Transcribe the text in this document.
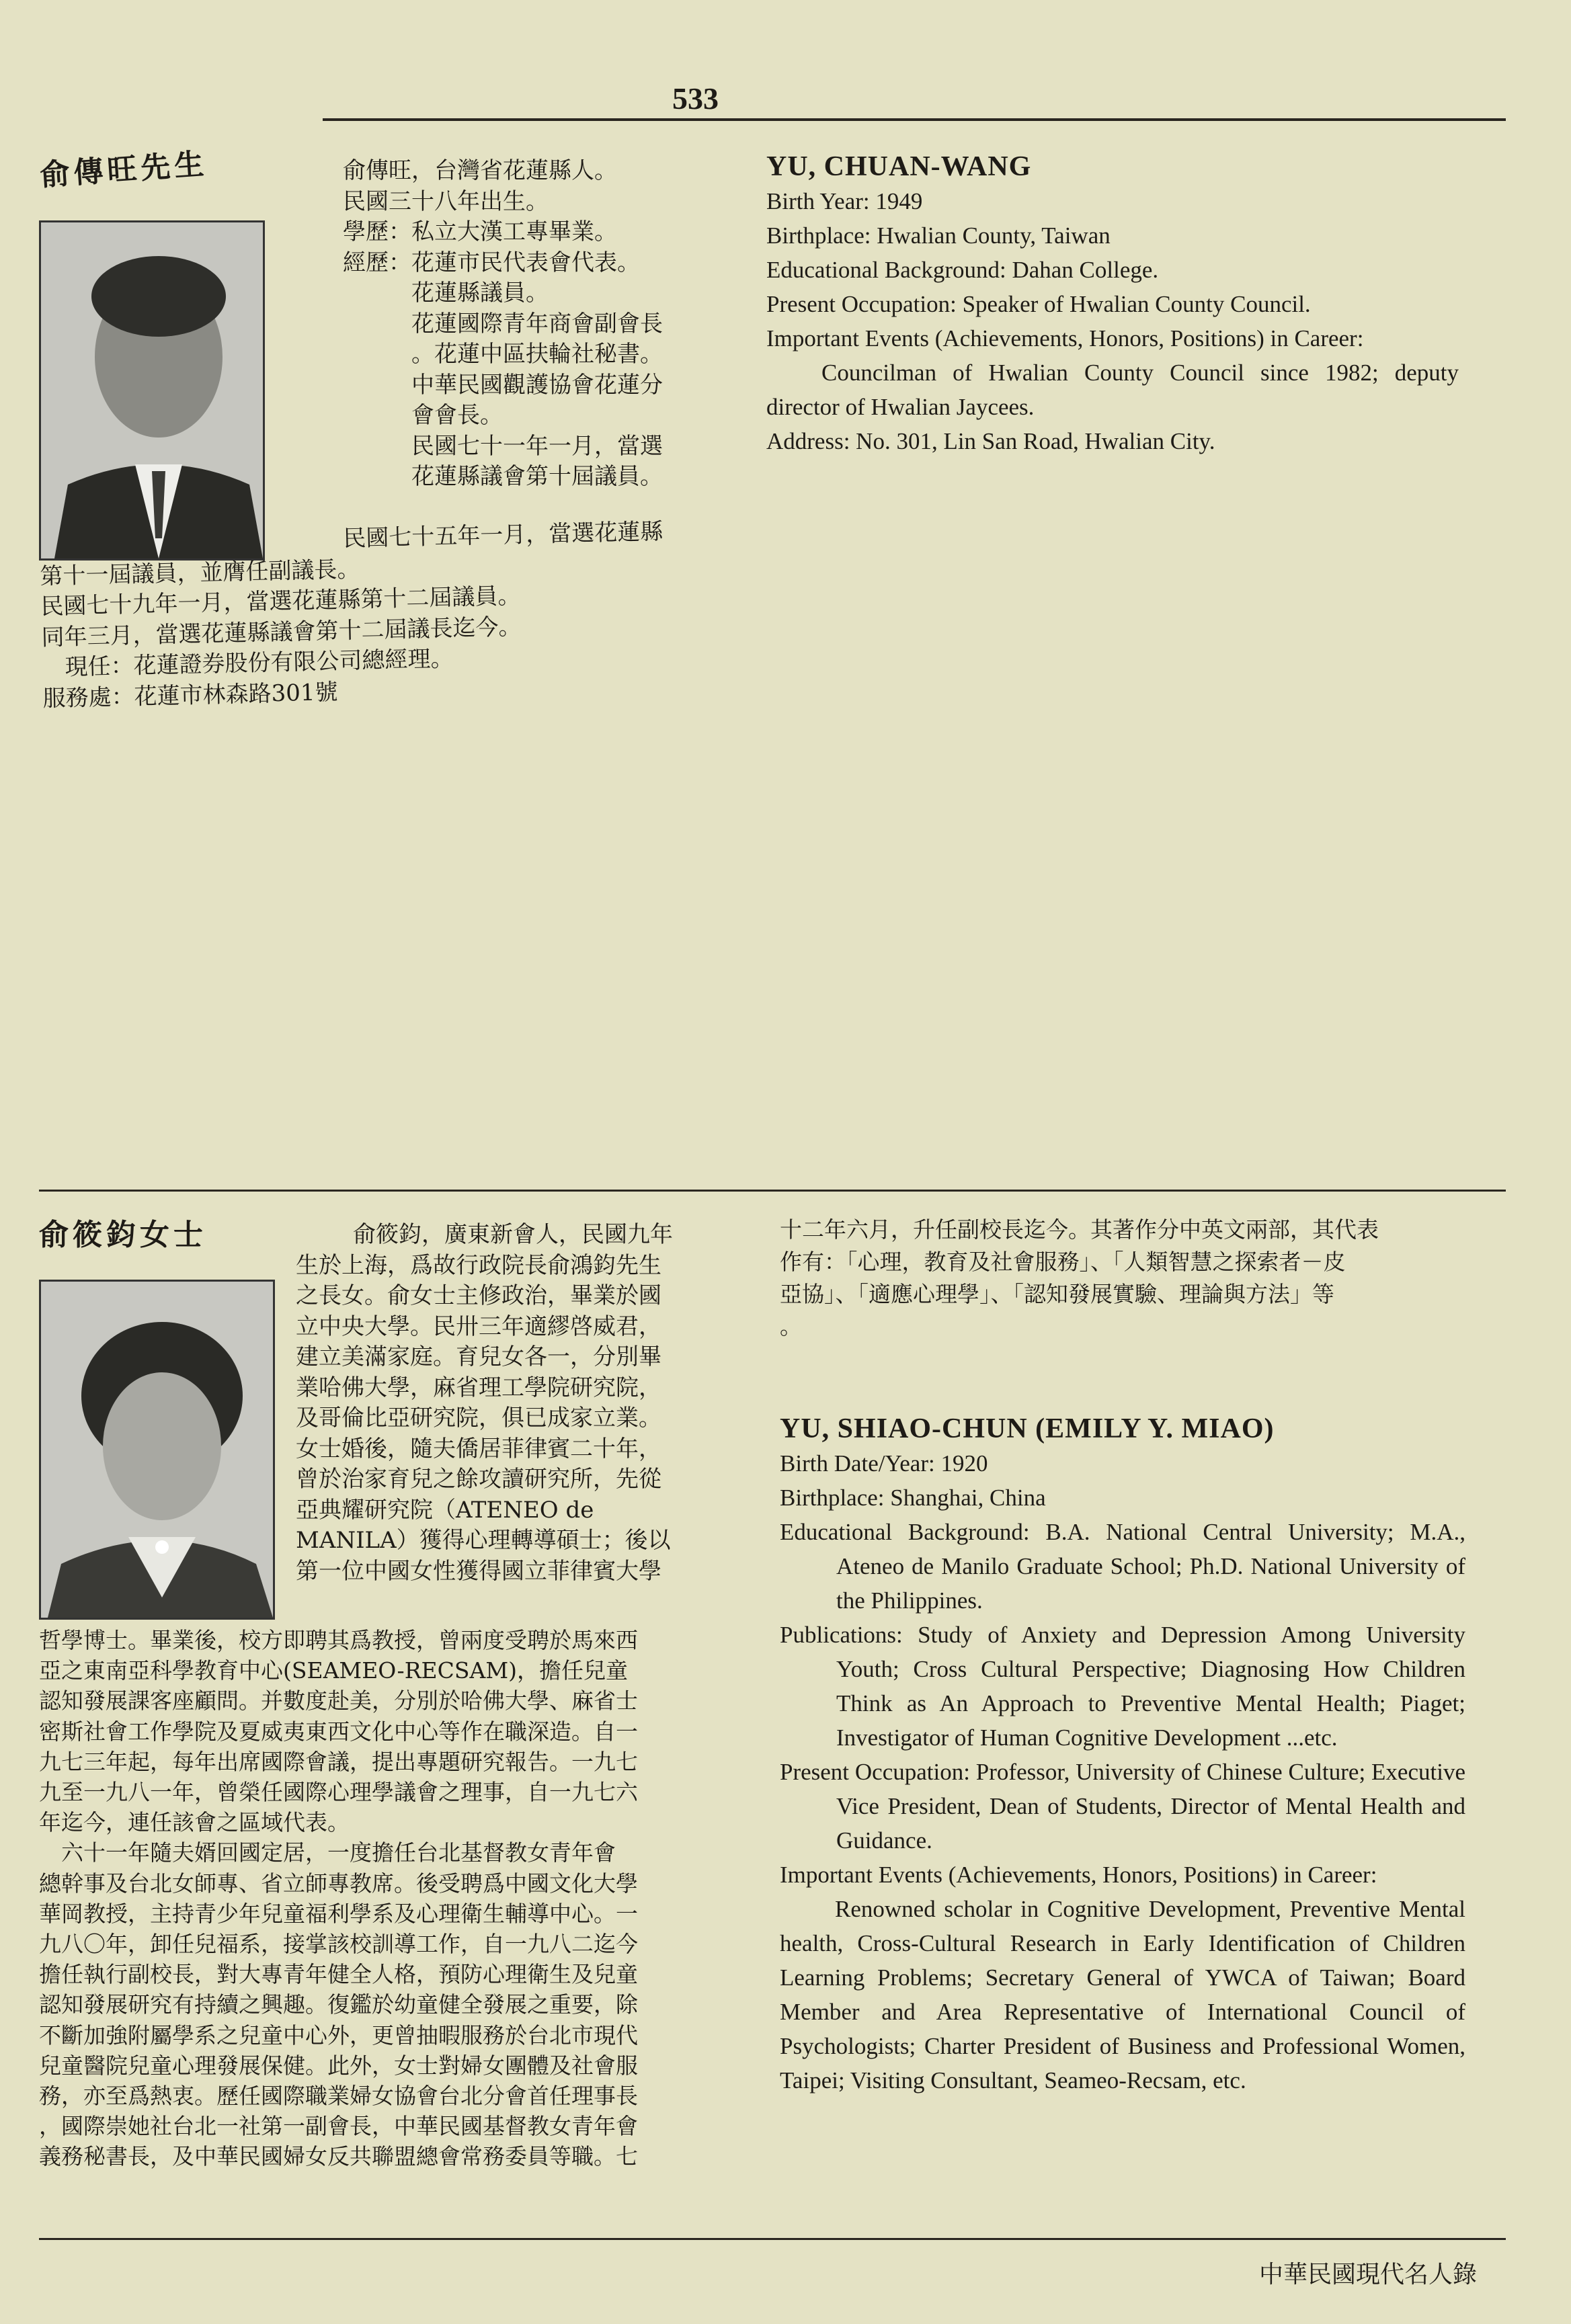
533
俞傳旺先生	俞傳旺，台灣省花蓮縣人。

民國三十八年出生。

學歷：私立大漢工專畢業。

經歷：花蓮市民代表會代表。

　　　花蓮縣議員。

　　　花蓮國際青年商會副會長

　　　。花蓮中區扶輪社秘書。

　　　中華民國觀護協會花蓮分

　　　會會長。

　　　民國七十一年一月，當選

　　　花蓮縣議會第十屆議員。

民國七十五年一月，當選花蓮縣

第十一屆議員，並膺任副議長。

民國七十九年一月，當選花蓮縣第十二屆議員。

同年三月，當選花蓮縣議會第十二屆議長迄今。

　現任：花蓮證券股份有限公司總經理。

服務處：花蓮市林森路301號

YU, CHUAN-WANG

Birth Year: 1949

Birthplace: Hwalian County, Taiwan

Educational Background: Dahan College.

Present Occupation: Speaker of Hwalian County Council.

Important Events (Achievements, Honors, Positions) in Career:

Councilman of Hwalian County Council since 1982; deputy director of Hwalian Jaycees.

Address: No. 301, Lin San Road, Hwalian City.

俞筱鈞女士	俞筱鈞，廣東新會人，民國九年

生於上海，爲故行政院長俞鴻鈞先生

之長女。俞女士主修政治，畢業於國

立中央大學。民卅三年適繆啓威君，

建立美滿家庭。育兒女各一，分別畢

業哈佛大學，麻省理工學院研究院，

及哥倫比亞研究院，俱已成家立業。

女士婚後，隨夫僑居菲律賓二十年，

曾於治家育兒之餘攻讀研究所，先從

亞典耀研究院（ATENEO de

MANILA）獲得心理轉導碩士；後以

第一位中國女性獲得國立菲律賓大學

哲學博士。畢業後，校方即聘其爲教授，曾兩度受聘於馬來西

亞之東南亞科學教育中心(SEAMEO-RECSAM)，擔任兒童

認知發展課客座顧問。并數度赴美，分別於哈佛大學、麻省士

密斯社會工作學院及夏威夷東西文化中心等作在職深造。自一

九七三年起，每年出席國際會議，提出專題研究報告。一九七

九至一九八一年，曾榮任國際心理學議會之理事，自一九七六

年迄今，連任該會之區域代表。

　六十一年隨夫婿回國定居，一度擔任台北基督教女青年會

總幹事及台北女師專、省立師專教席。後受聘爲中國文化大學

華岡教授，主持青少年兒童福利學系及心理衛生輔導中心。一

九八〇年，卸任兒福系，接掌該校訓導工作，自一九八二迄今

擔任執行副校長，對大專青年健全人格，預防心理衛生及兒童

認知發展研究有持續之興趣。復鑑於幼童健全發展之重要，除

不斷加強附屬學系之兒童中心外，更曾抽暇服務於台北市現代

兒童醫院兒童心理發展保健。此外，女士對婦女團體及社會服

務，亦至爲熱衷。歷任國際職業婦女協會台北分會首任理事長

，國際崇她社台北一社第一副會長，中華民國基督教女青年會

義務秘書長，及中華民國婦女反共聯盟總會常務委員等職。七

十二年六月，升任副校長迄今。其著作分中英文兩部，其代表

作有：「心理，教育及社會服務」、「人類智慧之探索者－皮

亞協」、「適應心理學」、「認知發展實驗、理論與方法」等

。

YU, SHIAO-CHUN (EMILY Y. MIAO)

Birth Date/Year: 1920

Birthplace: Shanghai, China

Educational Background: B.A. National Central University; M.A., Ateneo de Manilo Graduate School; Ph.D. National University of the Philippines.

Publications: Study of Anxiety and Depression Among University Youth; Cross Cultural Perspective; Diagnosing How Children Think as An Approach to Preventive Mental Health; Piaget; Investigator of Human Cognitive Development ...etc.

Present Occupation: Professor, University of Chinese Culture; Executive Vice President, Dean of Students, Director of Mental Health and Guidance.

Important Events (Achievements, Honors, Positions) in Career:

Renowned scholar in Cognitive Development, Preventive Mental health, Cross-Cultural Research in Early Identification of Children Learning Problems; Secretary General of YWCA of Taiwan; Board Member and Area Representative of International Council of Psychologists; Charter President of Business and Professional Women, Taipei; Visiting Consultant, Seameo-Recsam, etc.

中華民國現代名人錄
